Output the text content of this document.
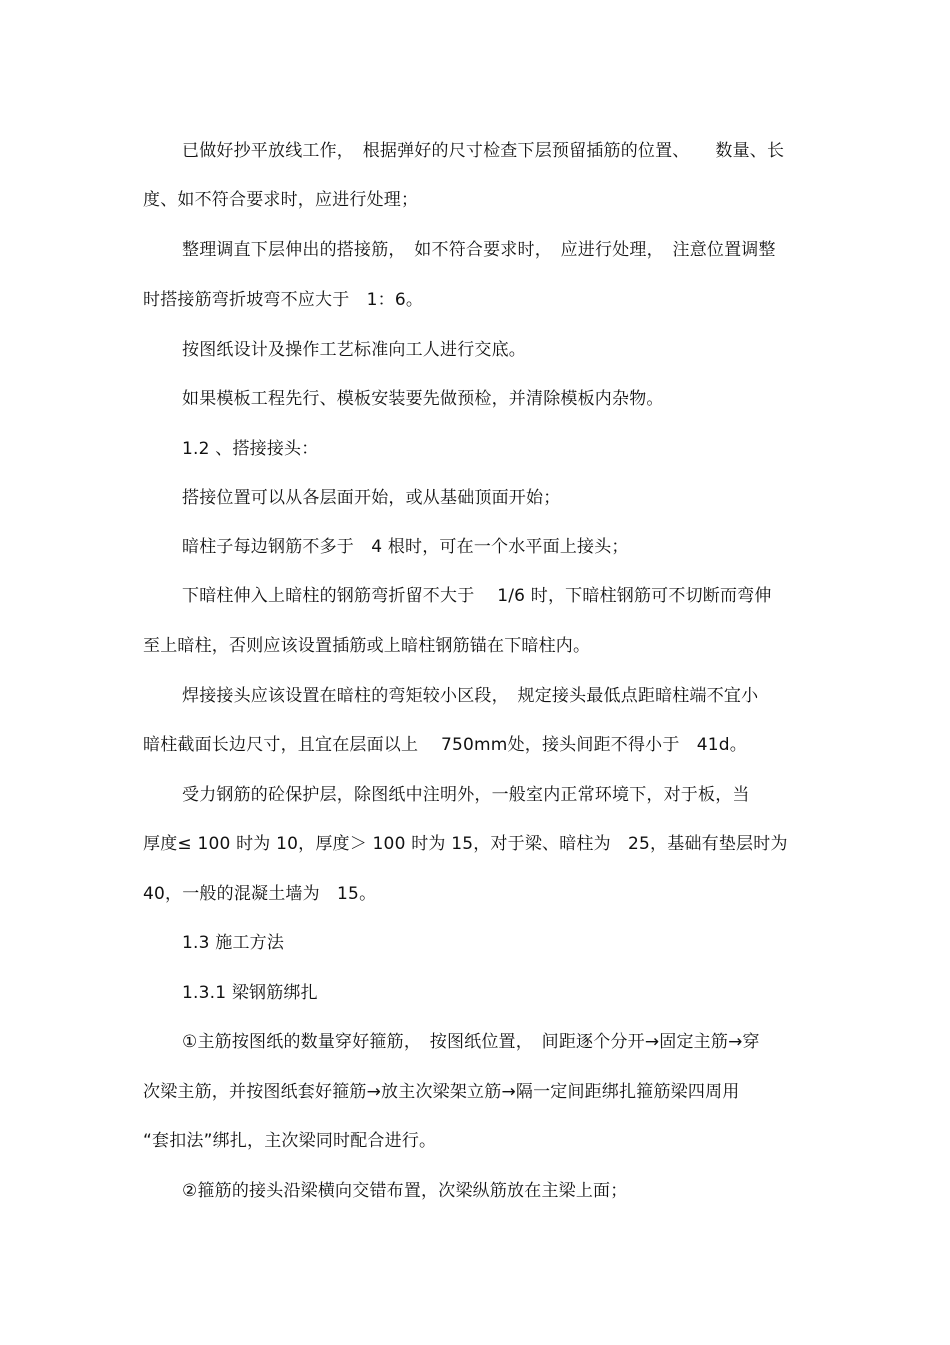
已做好抄平放线工作，　根据弹好的尺寸检查下层预留插筋的位置、　　数量、长
度、如不符合要求时，应进行处理；
整理调直下层伸出的搭接筋，　如不符合要求时，　应进行处理，　注意位置调整
时搭接筋弯折坡弯不应大于　1：6。
按图纸设计及操作工艺标准向工人进行交底。
如果模板工程先行、模板安装要先做预检，并清除模板内杂物。
1.2 、搭接接头：
搭接位置可以从各层面开始，或从基础顶面开始；
暗柱子每边钢筋不多于　4 根时，可在一个水平面上接头；
下暗柱伸入上暗柱的钢筋弯折留不大于　 1/6 时，下暗柱钢筋可不切断而弯伸
至上暗柱，否则应该设置插筋或上暗柱钢筋锚在下暗柱内。
焊接接头应该设置在暗柱的弯矩较小区段，　规定接头最低点距暗柱端不宜小
暗柱截面长边尺寸，且宜在层面以上　 750mm处，接头间距不得小于　41d。
受力钢筋的砼保护层，除图纸中注明外，一般室内正常环境下，对于板，当
厚度≤ 100 时为 10，厚度＞ 100 时为 15，对于梁、暗柱为　25，基础有垫层时为
40，一般的混凝土墙为　15。
1.3 施工方法
1.3.1 梁钢筋绑扎
①主筋按图纸的数量穿好箍筋，　按图纸位置，　间距逐个分开→固定主筋→穿
次梁主筋，并按图纸套好箍筋→放主次梁架立筋→隔一定间距绑扎箍筋梁四周用
“套扣法”绑扎，主次梁同时配合进行。
②箍筋的接头沿梁横向交错布置，次梁纵筋放在主梁上面；
